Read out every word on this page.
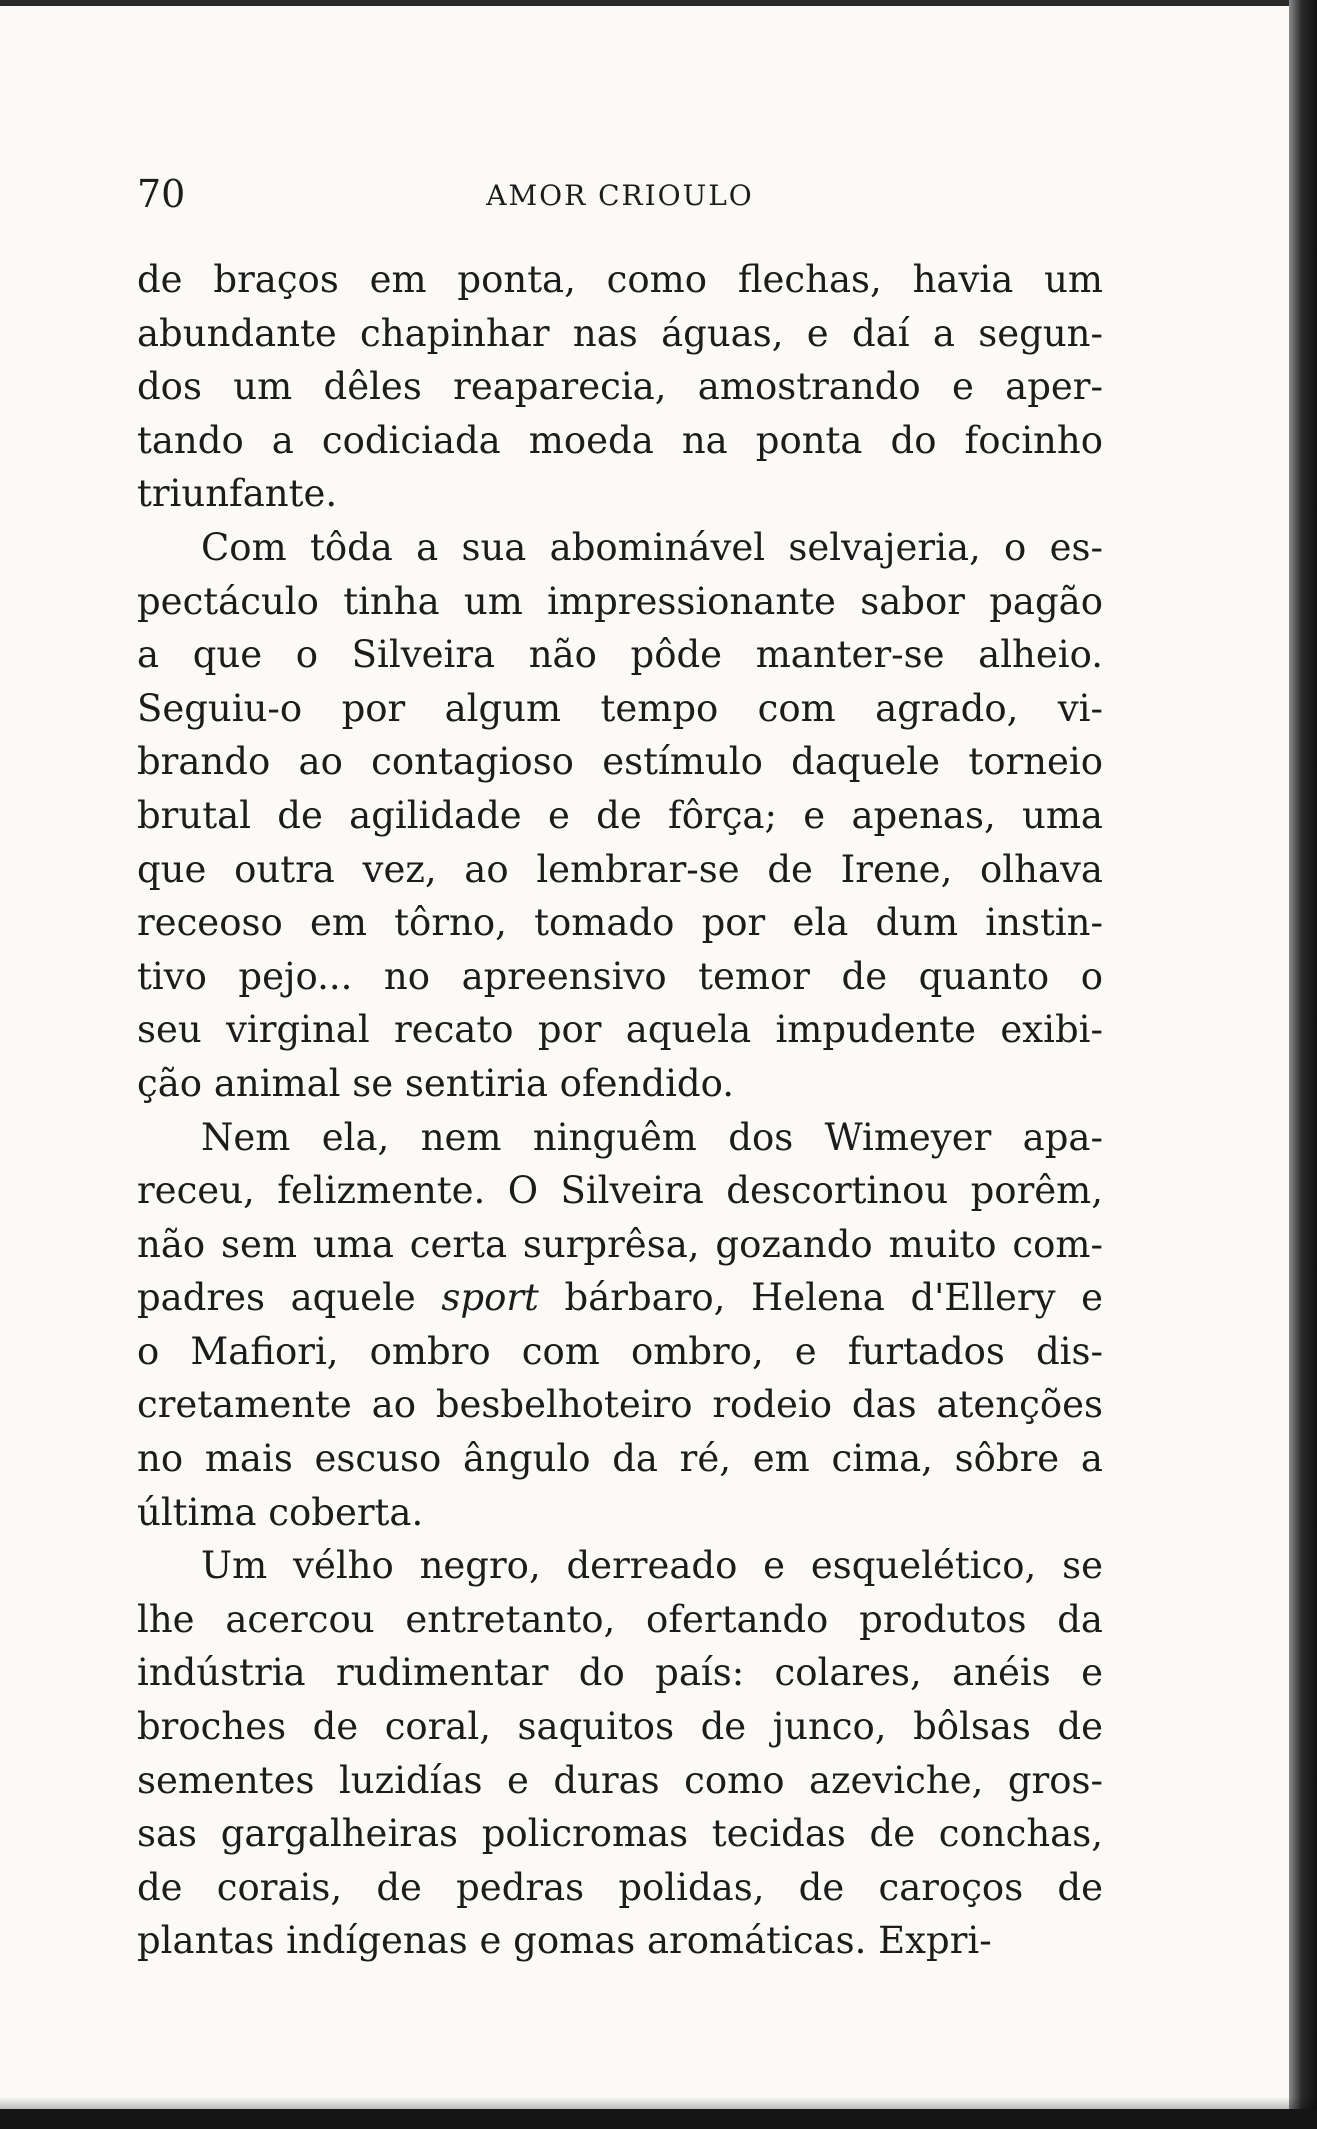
70	AMOR CRIOULO
de braços em ponta, como flechas, havia um
abundante chapinhar nas águas, e daí a segun-
dos um dêles reaparecia, amostrando e aper-
tando a codiciada moeda na ponta do focinho
triunfante.
Com tôda a sua abominável selvajeria, o es-
pectáculo tinha um impressionante sabor pagão
a que o Silveira não pôde manter-se alheio.
Seguiu-o por algum tempo com agrado, vi-
brando ao contagioso estímulo daquele torneio
brutal de agilidade e de fôrça; e apenas, uma
que outra vez, ao lembrar-se de Irene, olhava
receoso em tôrno, tomado por ela dum instin-
tivo pejo... no apreensivo temor de quanto o
seu virginal recato por aquela impudente exibi-
ção animal se sentiria ofendido.
Nem ela, nem ninguêm dos Wimeyer apa-
receu, felizmente. O Silveira descortinou porêm,
não sem uma certa surprêsa, gozando muito com-
padres aquele sport bárbaro, Helena d'Ellery e
o Mafiori, ombro com ombro, e furtados dis-
cretamente ao besbelhoteiro rodeio das atenções
no mais escuso ângulo da ré, em cima, sôbre a
última coberta.
Um vélho negro, derreado e esquelético, se
lhe acercou entretanto, ofertando produtos da
indústria rudimentar do país: colares, anéis e
broches de coral, saquitos de junco, bôlsas de
sementes luzidías e duras como azeviche, gros-
sas gargalheiras policromas tecidas de conchas,
de corais, de pedras polidas, de caroços de
plantas indígenas e gomas aromáticas. Expri-
